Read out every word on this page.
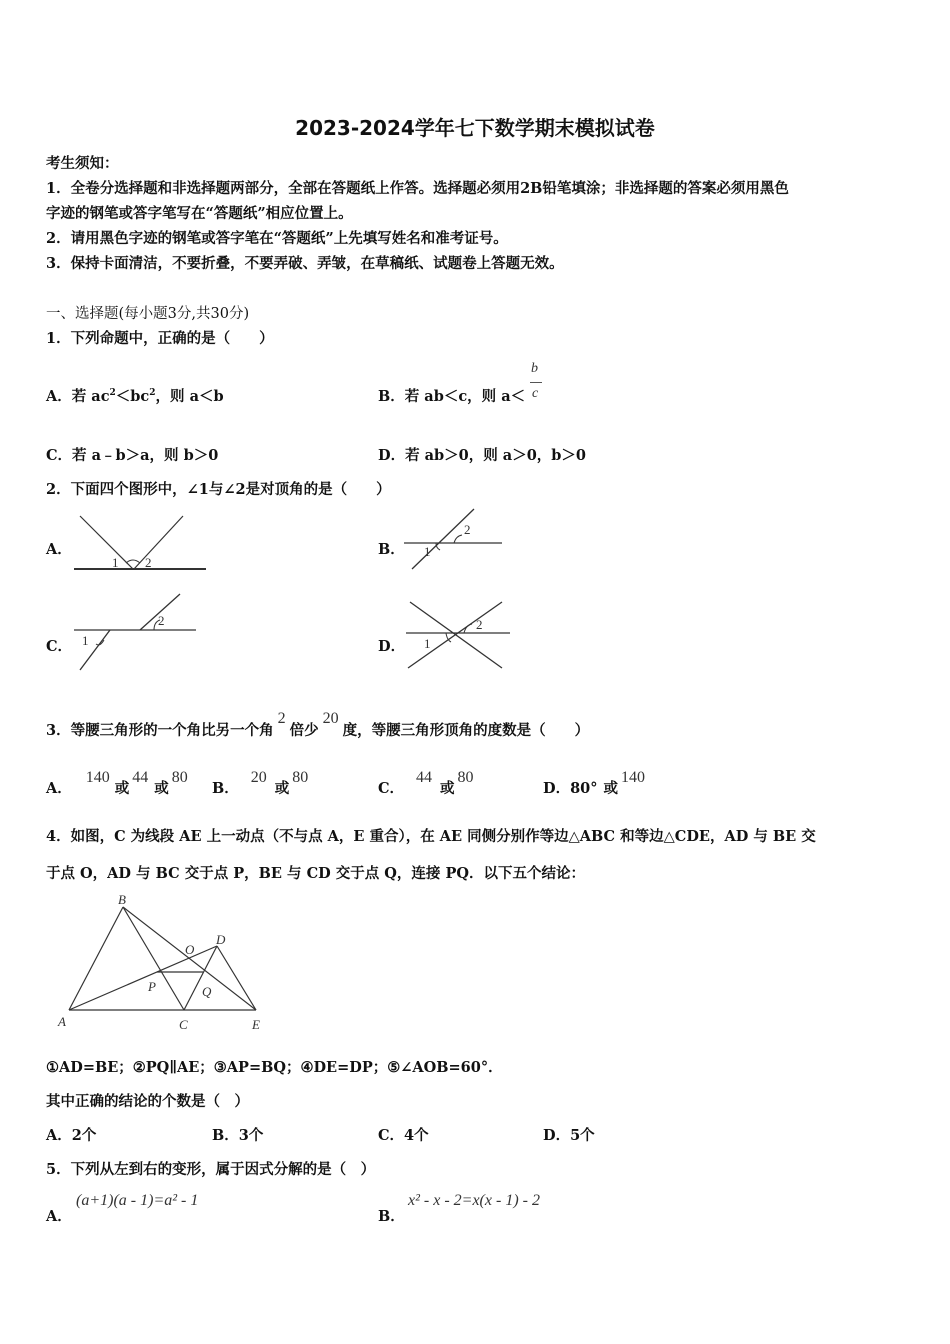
2023-2024学年七下数学期末模拟试卷
考生须知：
1．全卷分选择题和非选择题两部分，全部在答题纸上作答。选择题必须用2B铅笔填涂；非选择题的答案必须用黑色
字迹的钢笔或答字笔写在“答题纸”相应位置上。
2．请用黑色字迹的钢笔或答字笔在“答题纸”上先填写姓名和准考证号。
3．保持卡面清洁，不要折叠，不要弄破、弄皱，在草稿纸、试题卷上答题无效。
一、选择题(每小题3分,共30分)
1．下列命题中，正确的是（　　）
A．若 $ac^2<bc^2$，则 a＜b	B．若 ab＜c，则 a＜
b
c
C．若 a﹣b＞a，则 b＞0	D．若 ab＞0，则 a＞0，b＞0
2．下面四个图形中，∠1与∠2是对顶角的是（　　）
A．
1 2
B． 1
2
C． 1
2
D． 1
2
3．等腰三角形的一个角比另一个角2倍少20度，等腰三角形顶角的度数是（　　）
A．140或44或80
B．20或80
C．44或80
D．80° 或140
4．如图，C 为线段 AE 上一动点（不与点 A，E 重合），在 AE 同侧分别作等边△ABC 和等边△CDE，AD 与 BE 交
于点 O，AD 与 BC 交于点 P，BE 与 CD 交于点 Q，连接 PQ．以下五个结论：
A
B
C
D
E
O
P	Q
①AD=BE；②PQ∥AE；③AP=BQ；④DE=DP；⑤∠AOB=60°．
其中正确的结论的个数是（　）
A．2个	B．3个	C．4个	D．5个
5．下列从左到右的变形，属于因式分解的是（　）
A．
(a+1)(a - 1)=a² - 1
B．
x² - x - 2=x(x - 1) - 2
